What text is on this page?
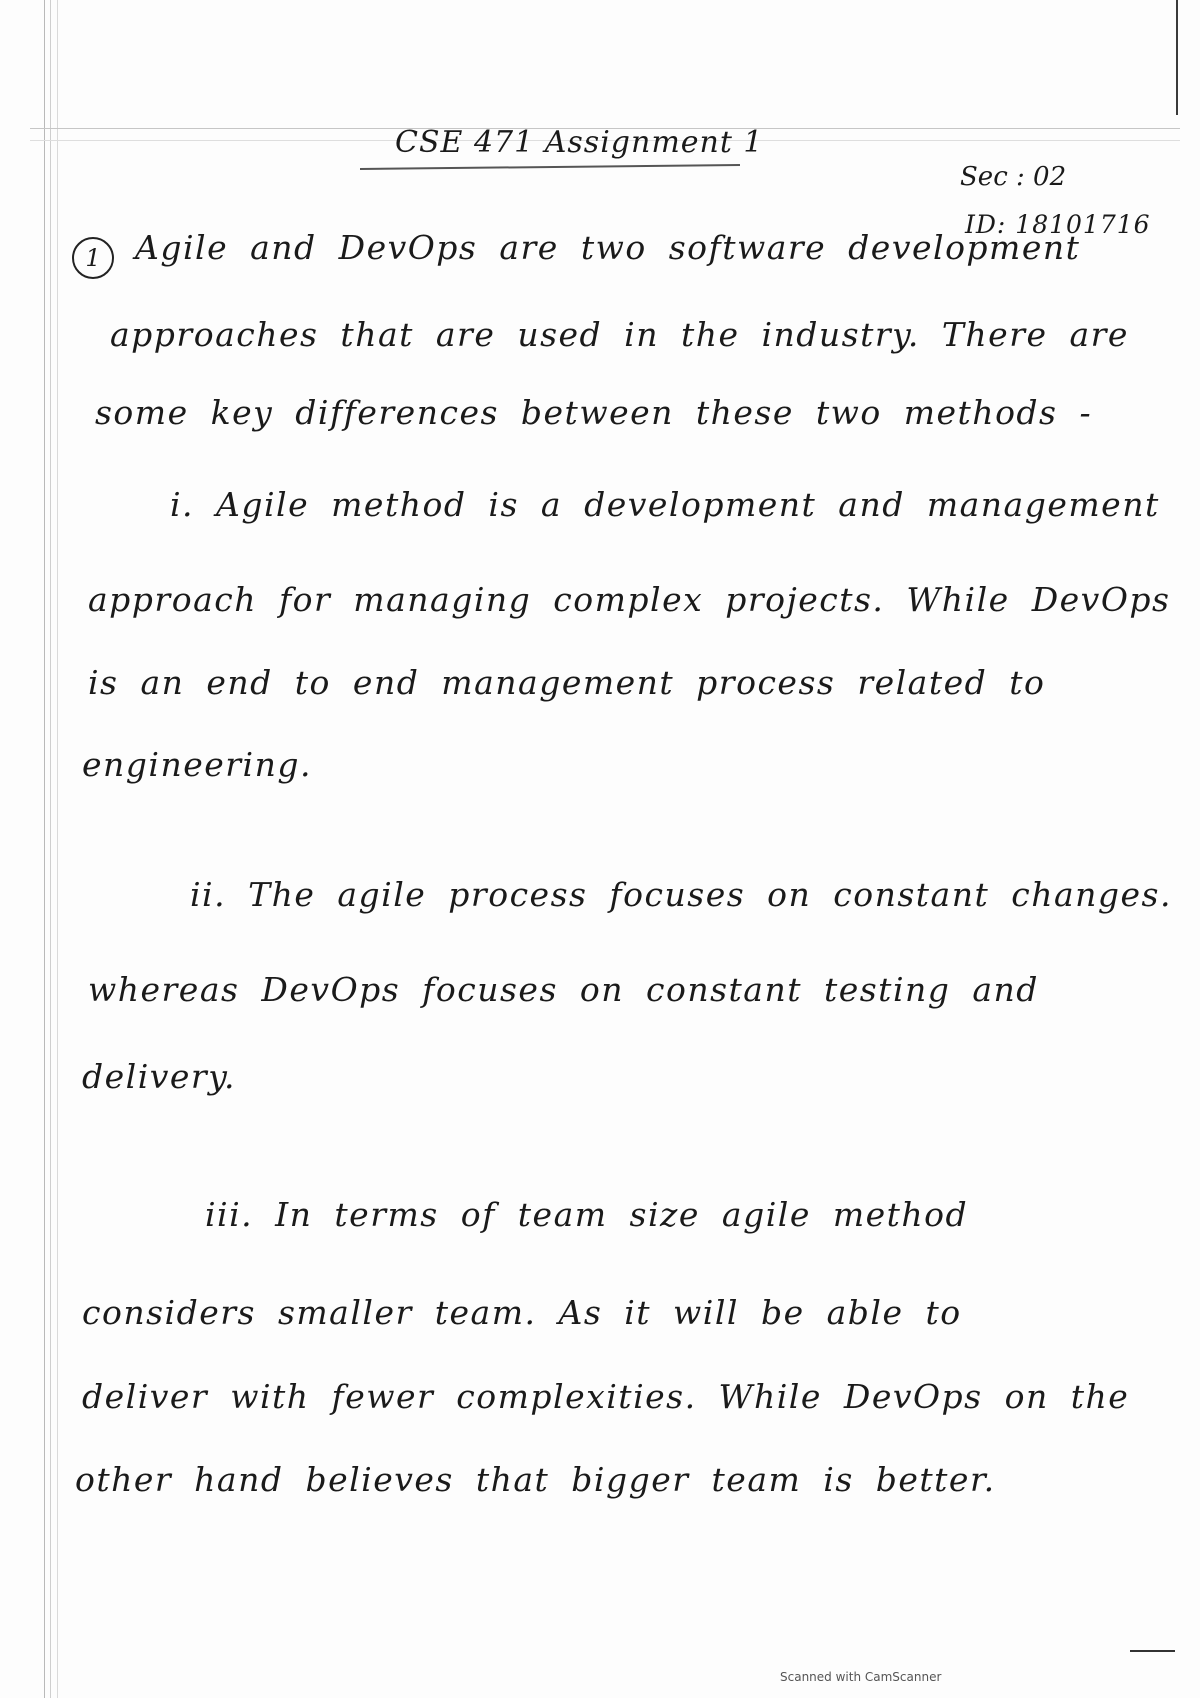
CSE 471 Assignment 1
Sec : 02
ID: 18101716
1	Agile and DevOps are two software development
approaches that are used in the industry. There are
some key differences between these two methods -
i. Agile method is a development and management
approach for managing complex projects. While DevOps
is an end to end management process related to
engineering.
ii. The agile process focuses on constant changes.
whereas DevOps focuses on constant testing and
delivery.
iii. In terms of team size agile method
considers smaller team. As it will be able to
deliver with fewer complexities. While DevOps on the
other hand believes that bigger team is better.
Scanned with CamScanner
